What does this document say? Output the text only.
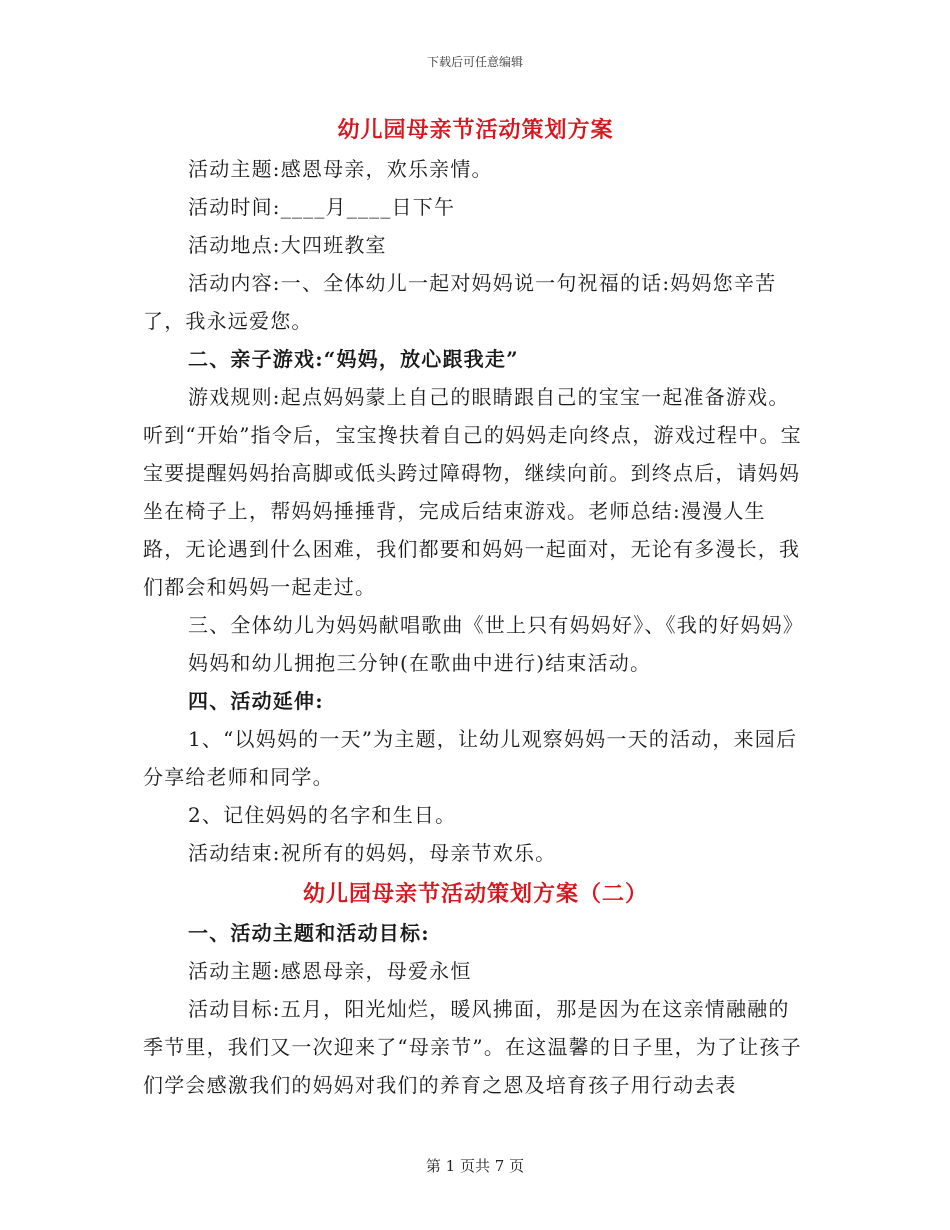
下载后可任意编辑
幼儿园母亲节活动策划方案

活动主题:感恩母亲，欢乐亲情。

活动时间:____月____日下午

活动地点:大四班教室

活动内容:一、全体幼儿一起对妈妈说一句祝福的话:妈妈您辛苦了，我永远爱您。

二、亲子游戏:“妈妈，放心跟我走”

游戏规则:起点妈妈蒙上自己的眼睛跟自己的宝宝一起准备游戏。听到“开始”指令后，宝宝搀扶着自己的妈妈走向终点，游戏过程中。宝宝要提醒妈妈抬高脚或低头跨过障碍物，继续向前。到终点后，请妈妈坐在椅子上，帮妈妈捶捶背，完成后结束游戏。老师总结:漫漫人生路，无论遇到什么困难，我们都要和妈妈一起面对，无论有多漫长，我们都会和妈妈一起走过。

三、全体幼儿为妈妈献唱歌曲《世上只有妈妈好》、《我的好妈妈》

妈妈和幼儿拥抱三分钟(在歌曲中进行)结束活动。

四、活动延伸:

1、“以妈妈的一天”为主题，让幼儿观察妈妈一天的活动，来园后分享给老师和同学。

2、记住妈妈的名字和生日。

活动结束:祝所有的妈妈，母亲节欢乐。

幼儿园母亲节活动策划方案（二）

一、活动主题和活动目标:

活动主题:感恩母亲，母爱永恒

活动目标:五月，阳光灿烂，暖风拂面，那是因为在这亲情融融的季节里，我们又一次迎来了“母亲节”。在这温馨的日子里，为了让孩子们学会感激我们的妈妈对我们的养育之恩及培育孩子用行动去表

第 1 页共 7 页
